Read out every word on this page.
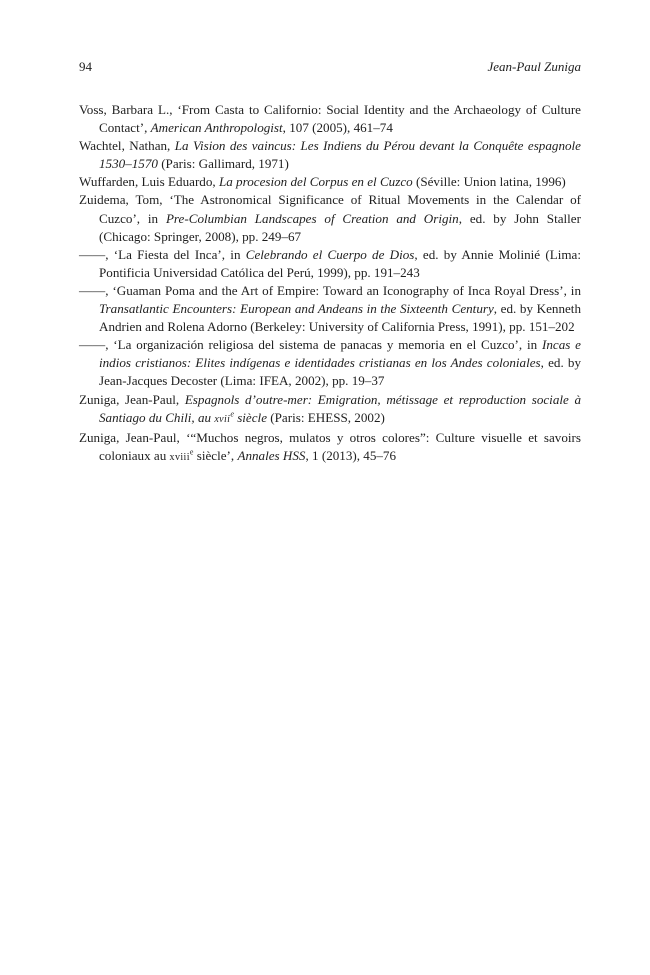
94	Jean-Paul Zuniga

Voss, Barbara L., ‘From Casta to Californio: Social Identity and the Archaeology of Culture Contact’, American Anthropologist, 107 (2005), 461–74

Wachtel, Nathan, La Vision des vaincus: Les Indiens du Pérou devant la Conquête espagnole 1530–1570 (Paris: Gallimard, 1971)

Wuffarden, Luis Eduardo, La procesion del Corpus en el Cuzco (Séville: Union latina, 1996)

Zuidema, Tom, ‘The Astronomical Significance of Ritual Movements in the Calendar of Cuzco’, in Pre-Columbian Landscapes of Creation and Origin, ed. by John Staller (Chicago: Springer, 2008), pp. 249–67

——, ‘La Fiesta del Inca’, in Celebrando el Cuerpo de Dios, ed. by Annie Molinié (Lima: Pontificia Universidad Católica del Perú, 1999), pp. 191–243

——, ‘Guaman Poma and the Art of Empire: Toward an Iconography of Inca Royal Dress’, in Transatlantic Encounters: European and Andeans in the Sixteenth Century, ed. by Kenneth Andrien and Rolena Adorno (Berkeley: University of California Press, 1991), pp. 151–202

——, ‘La organización religiosa del sistema de panacas y memoria en el Cuzco’, in Incas e indios cristianos: Elites indígenas e identidades cristianas en los Andes coloniales, ed. by Jean-Jacques Decoster (Lima: IFEA, 2002), pp. 19–37

Zuniga, Jean-Paul, Espagnols d’outre-mer: Emigration, métissage et reproduction sociale à Santiago du Chili, au xvii$^e$ siècle (Paris: EHESS, 2002)

Zuniga, Jean-Paul, ‘“Muchos negros, mulatos y otros colores”: Culture visuelle et savoirs coloniaux au xviii$^e$ siècle’, Annales HSS, 1 (2013), 45–76
